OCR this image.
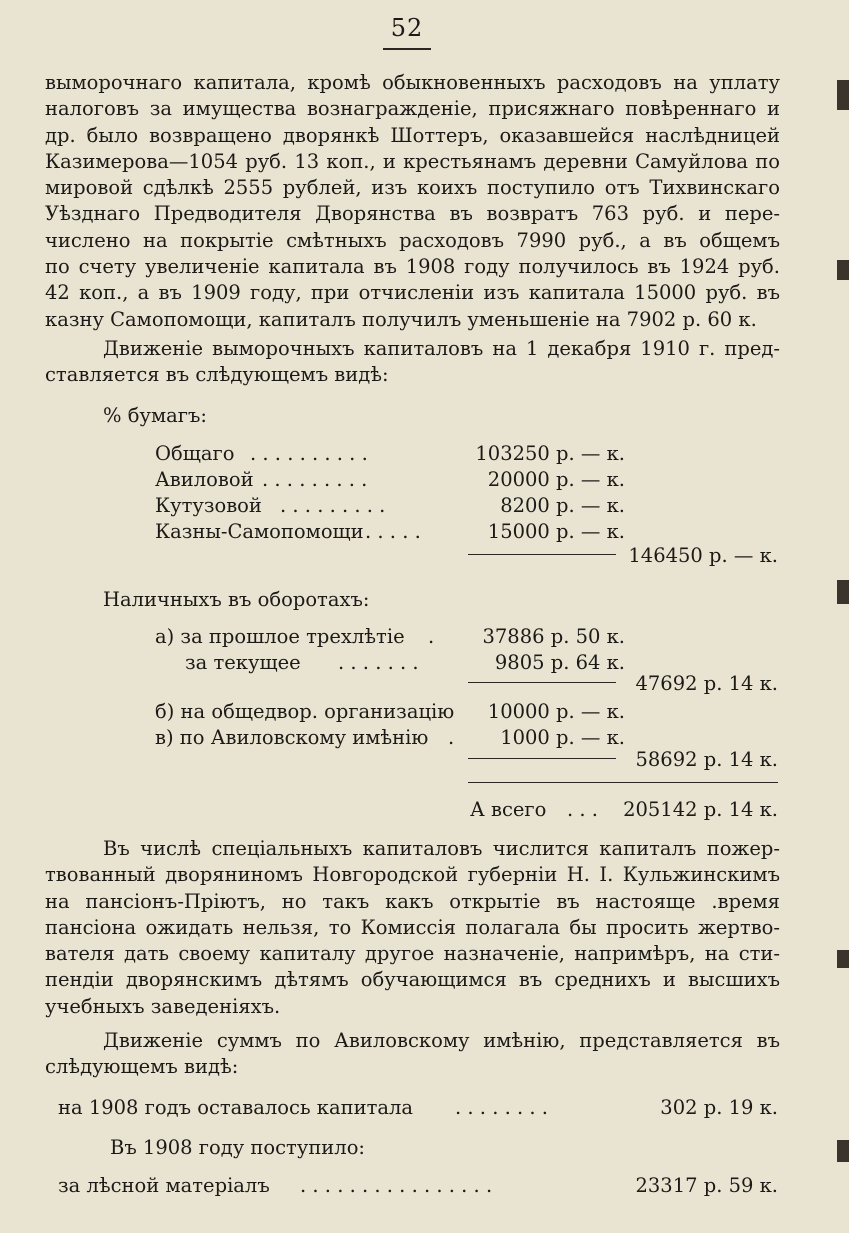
52
выморочнаго капитала, кромѣ обыкновенныхъ расходовъ на уплату
налоговъ за имущества вознагражденіе, присяжнаго повѣреннаго и
др. было возвращено дворянкѣ Шоттеръ, оказавшейся наслѣдницей
Казимерова—1054 руб. 13 коп., и крестьянамъ деревни Самуйлова по
мировой сдѣлкѣ 2555 рублей, изъ коихъ поступило отъ Тихвинскаго
Уѣзднаго Предводителя Дворянства въ возвратъ 763 руб. и пере-
числено на покрытіе смѣтныхъ расходовъ 7990 руб., а въ общемъ
по счету увеличеніе капитала въ 1908 году получилось въ 1924 руб.
42 коп., а въ 1909 году, при отчисленіи изъ капитала 15000 руб. въ
казну Самопомощи, капиталъ получилъ уменьшеніе на 7902 р. 60 к.
Движеніе выморочныхъ капиталовъ на 1 декабря 1910 г. пред-
ставляется въ слѣдующемъ видѣ:
% бумагъ:
Общаго . . . . . . . . . .	103250 р. — к.
Авиловой . . . . . . . . .	20000 р. — к.
Кутузовой . . . . . . . . .	8200 р. — к.
Казны-Самопомощи . . . . .	15000 р. — к.
146450 р. — к.
Наличныхъ въ оборотахъ:
а) за прошлое трехлѣтіе .	37886 р. 50 к.
за текущее . . . . . . .	9805 р. 64 к.
47692 р. 14 к.
б) на общедвор. организацію	10000 р. — к.
в) по Авиловскому имѣнію .	1000 р. — к.
58692 р. 14 к.
А всего . . .	205142 р. 14 к.
Въ числѣ спеціальныхъ капиталовъ числится капиталъ пожер-
твованный дворяниномъ Новгородской губерніи Н. І. Кульжинскимъ
на пансіонъ-Пріютъ, но такъ какъ открытіе въ настояще .время
пансіона ожидать нельзя, то Комиссія полагала бы просить жертво-
вателя дать своему капиталу другое назначеніе, напримѣръ, на сти-
пендіи дворянскимъ дѣтямъ обучающимся въ среднихъ и высшихъ
учебныхъ заведеніяхъ.
Движеніе суммъ по Авиловскому имѣнію, представляется въ
слѣдующемъ видѣ:
на 1908 годъ оставалось капитала . . . . . . . .	302 р. 19 к.
Въ 1908 году поступило:
за лѣсной матеріалъ . . . . . . . . . . . . . . . .	23317 р. 59 к.
